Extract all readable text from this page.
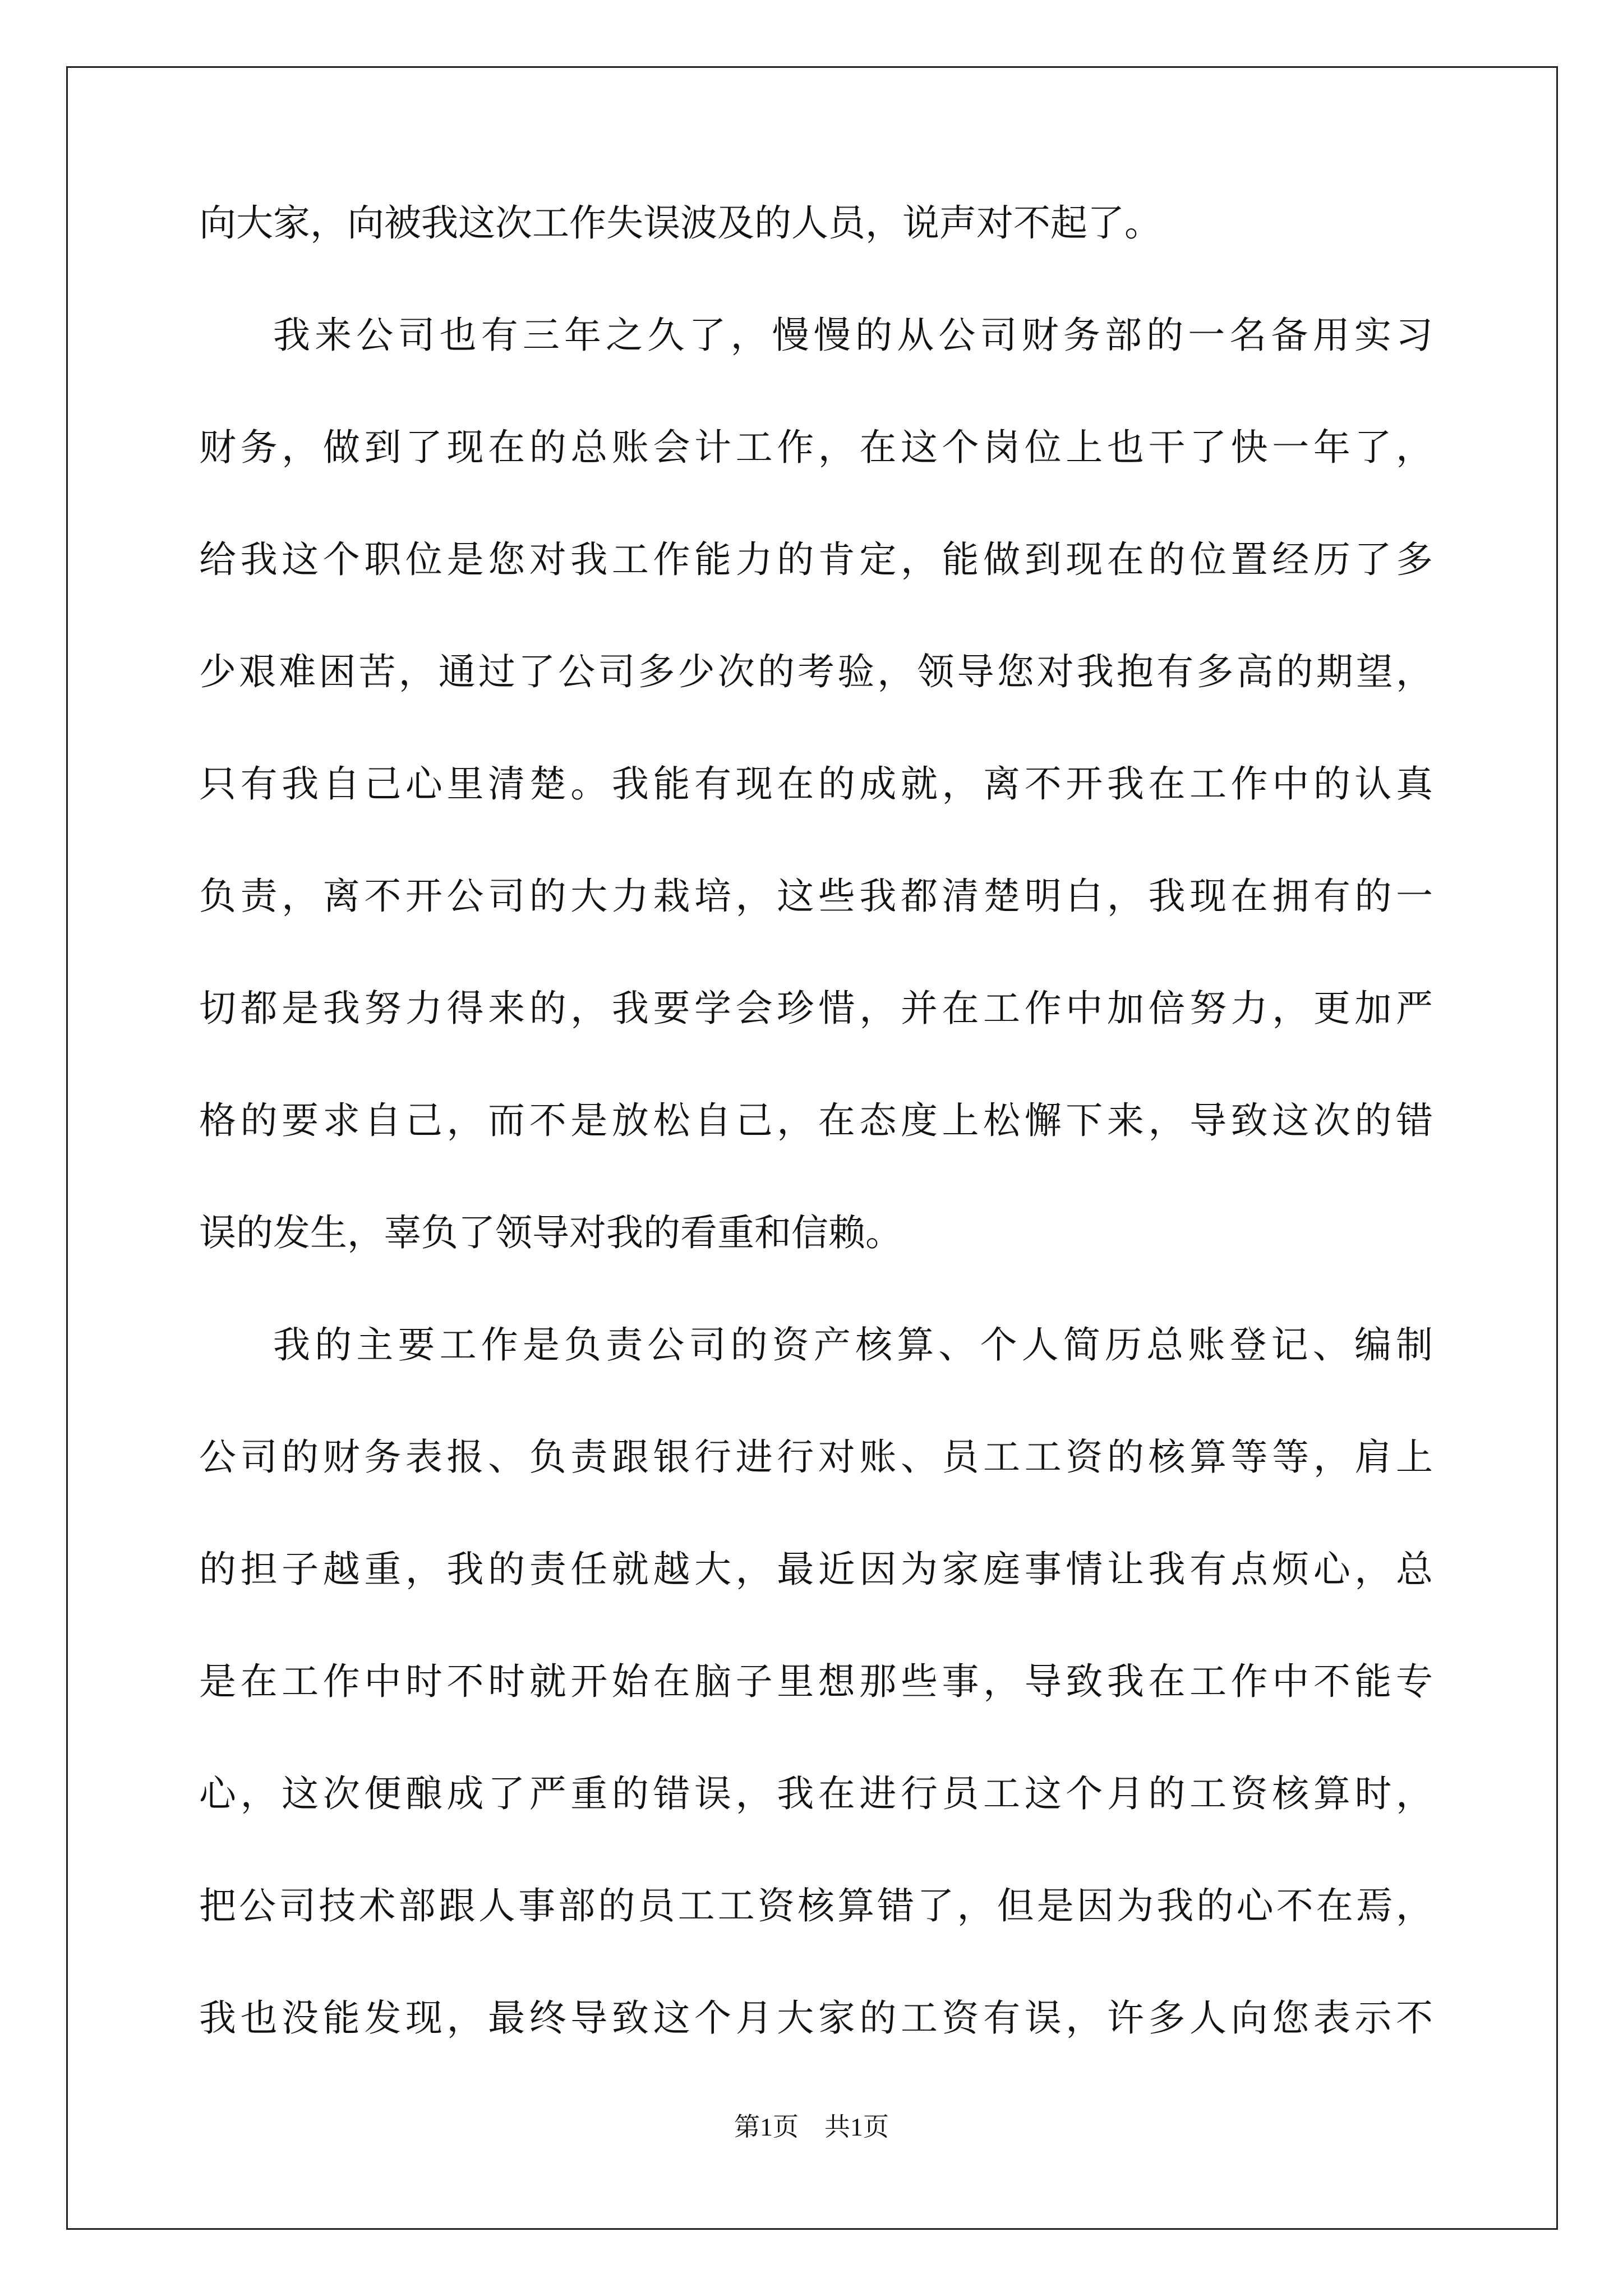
向大家，向被我这次工作失误波及的人员，说声对不起了。
我来公司也有三年之久了，慢慢的从公司财务部的一名备用实习
财务，做到了现在的总账会计工作，在这个岗位上也干了快一年了，
给我这个职位是您对我工作能力的肯定，能做到现在的位置经历了多
少艰难困苦，通过了公司多少次的考验，领导您对我抱有多高的期望，
只有我自己心里清楚。我能有现在的成就，离不开我在工作中的认真
负责，离不开公司的大力栽培，这些我都清楚明白，我现在拥有的一
切都是我努力得来的，我要学会珍惜，并在工作中加倍努力，更加严
格的要求自己，而不是放松自己，在态度上松懈下来，导致这次的错
误的发生，辜负了领导对我的看重和信赖。
我的主要工作是负责公司的资产核算、个人简历总账登记、编制
公司的财务表报、负责跟银行进行对账、员工工资的核算等等，肩上
的担子越重，我的责任就越大，最近因为家庭事情让我有点烦心，总
是在工作中时不时就开始在脑子里想那些事，导致我在工作中不能专
心，这次便酿成了严重的错误，我在进行员工这个月的工资核算时，
把公司技术部跟人事部的员工工资核算错了，但是因为我的心不在焉，
我也没能发现，最终导致这个月大家的工资有误，许多人向您表示不
第1页　共1页
